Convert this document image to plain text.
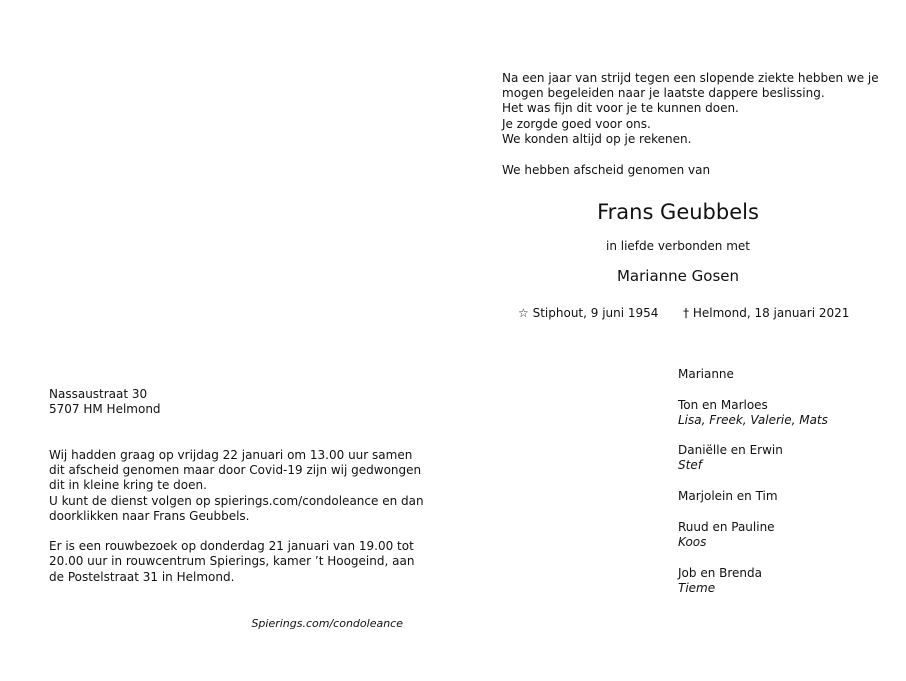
Na een jaar van strijd tegen een slopende ziekte hebben we je
mogen begeleiden naar je laatste dappere beslissing.
Het was fijn dit voor je te kunnen doen.
Je zorgde goed voor ons.
We konden altijd op je rekenen.
We hebben afscheid genomen van
Frans Geubbels
in liefde verbonden met
Marianne Gosen
☆ Stiphout, 9 juni 1954 † Helmond, 18 januari 2021
Marianne
Ton en Marloes
Lisa, Freek, Valerie, Mats
Daniëlle en Erwin
Stef
Marjolein en Tim
Ruud en Pauline
Koos
Job en Brenda
Tieme
Nassaustraat 30
5707 HM Helmond
Wij hadden graag op vrijdag 22 januari om 13.00 uur samen
dit afscheid genomen maar door Covid-19 zijn wij gedwongen
dit in kleine kring te doen.
U kunt de dienst volgen op spierings.com/condoleance en dan
doorklikken naar Frans Geubbels.

Er is een rouwbezoek op donderdag 21 januari van 19.00 tot
20.00 uur in rouwcentrum Spierings, kamer ’t Hoogeind, aan
de Postelstraat 31 in Helmond.
Spierings.com/condoleance
